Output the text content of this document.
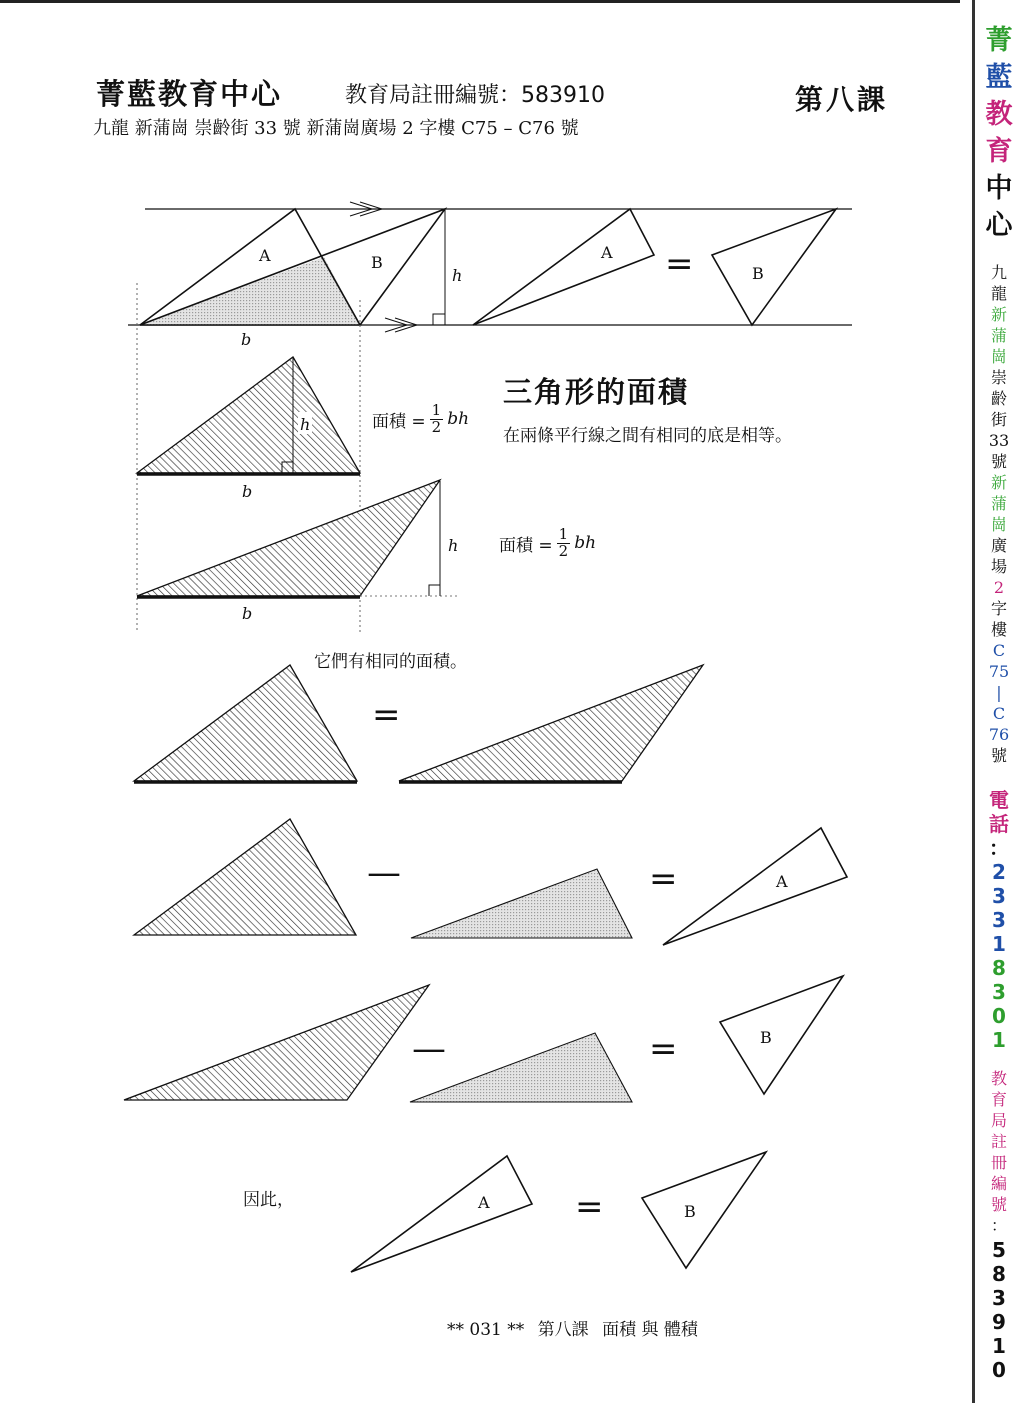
菁藍教育中心	教育局註冊編號：583910	第八課
九龍 新蒲崗 崇齡街 33 號 新蒲崗廣場 2 字樓 C75 – C76 號
A	B
h
b
A =	B
h
b
h
b
=
—	=	A
—	=	B
A	=	B
三角形的面積
在兩條平行線之間有相同的底是相等。
面積 = $\frac{1}{2}$ bh
面積 = $\frac{1}{2}$ bh
它們有相同的面積。
因此，
** 031 ** 第八課 面積 與 體積
菁
藍
教
育
中
心
九
龍
新
蒲
崗
崇
齡
街
33
號
新
蒲
崗
廣
場
2
字
樓
C
75
|
C
76
號
電
話
：
2
3
3
1
8
3
0
1
教
育
局
註
冊
編
號
：
5
8
3
9
1
0
